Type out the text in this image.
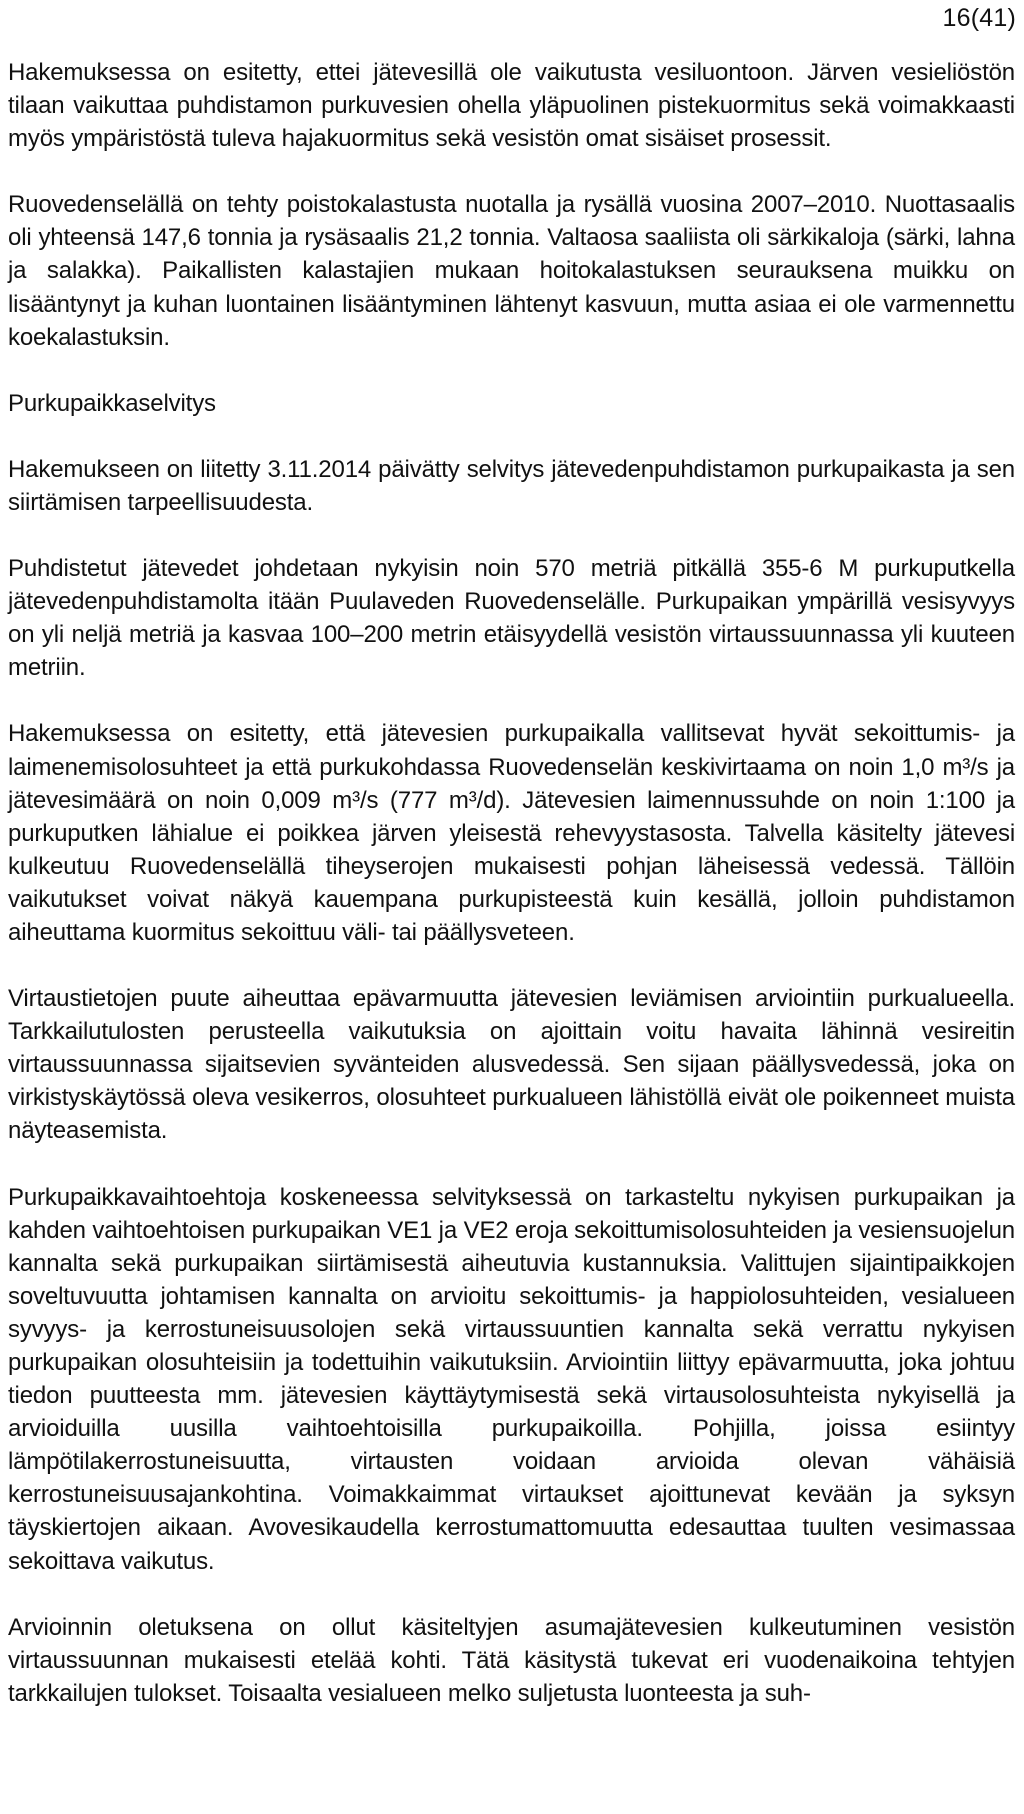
16(41)

Hakemuksessa on esitetty, ettei jätevesillä ole vaikutusta vesiluontoon. Järven vesieliöstön tilaan vaikuttaa puhdistamon purkuvesien ohella yläpuolinen pistekuormitus sekä voimakkaasti myös ympäristöstä tuleva hajakuormitus sekä vesistön omat sisäiset prosessit.

Ruovedenselällä on tehty poistokalastusta nuotalla ja rysällä vuosina 2007–2010. Nuottasaalis oli yhteensä 147,6 tonnia ja rysäsaalis 21,2 tonnia. Valtaosa saaliista oli särkikaloja (särki, lahna ja salakka). Paikallisten kalastajien mukaan hoitokalastuksen seurauksena muikku on lisääntynyt ja kuhan luontainen lisääntyminen lähtenyt kasvuun, mutta asiaa ei ole varmennettu koekalastuksin.

Purkupaikkaselvitys

Hakemukseen on liitetty 3.11.2014 päivätty selvitys jätevedenpuhdistamon purkupaikasta ja sen siirtämisen tarpeellisuudesta.

Puhdistetut jätevedet johdetaan nykyisin noin 570 metriä pitkällä 355-6 M purkuputkella jätevedenpuhdistamolta itään Puulaveden Ruovedenselälle. Purkupaikan ympärillä vesisyvyys on yli neljä metriä ja kasvaa 100–200 metrin etäisyydellä vesistön virtaussuunnassa yli kuuteen metriin.

Hakemuksessa on esitetty, että jätevesien purkupaikalla vallitsevat hyvät sekoittumis- ja laimenemisolosuhteet ja että purkukohdassa Ruovedenselän keskivirtaama on noin 1,0 m³/s ja jätevesimäärä on noin 0,009 m³/s (777 m³/d). Jätevesien laimennussuhde on noin 1:100 ja purkuputken lähialue ei poikkea järven yleisestä rehevyystasosta. Talvella käsitelty jätevesi kulkeutuu Ruovedenselällä tiheyserojen mukaisesti pohjan läheisessä vedessä. Tällöin vaikutukset voivat näkyä kauempana purkupisteestä kuin kesällä, jolloin puhdistamon aiheuttama kuormitus sekoittuu väli- tai päällysveteen.

Virtaustietojen puute aiheuttaa epävarmuutta jätevesien leviämisen arviointiin purkualueella. Tarkkailutulosten perusteella vaikutuksia on ajoittain voitu havaita lähinnä vesireitin virtaussuunnassa sijaitsevien syvänteiden alusvedessä. Sen sijaan päällysvedessä, joka on virkistyskäytössä oleva vesikerros, olosuhteet purkualueen lähistöllä eivät ole poikenneet muista näyteasemista.

Purkupaikkavaihtoehtoja koskeneessa selvityksessä on tarkasteltu nykyisen purkupaikan ja kahden vaihtoehtoisen purkupaikan VE1 ja VE2 eroja sekoittumisolosuhteiden ja vesiensuojelun kannalta sekä purkupaikan siirtämisestä aiheutuvia kustannuksia. Valittujen sijaintipaikkojen soveltuvuutta johtamisen kannalta on arvioitu sekoittumis- ja happiolosuhteiden, vesialueen syvyys- ja kerrostuneisuusolojen sekä virtaussuuntien kannalta sekä verrattu nykyisen purkupaikan olosuhteisiin ja todettuihin vaikutuksiin. Arviointiin liittyy epävarmuutta, joka johtuu tiedon puutteesta mm. jätevesien käyttäytymisestä sekä virtausolosuhteista nykyisellä ja arvioiduilla uusilla vaihtoehtoisilla purkupaikoilla. Pohjilla, joissa esiintyy lämpötilakerrostuneisuutta, virtausten voidaan arvioida olevan vähäisiä kerrostuneisuusajankohtina. Voimakkaimmat virtaukset ajoittunevat kevään ja syksyn täyskiertojen aikaan. Avovesikaudella kerrostumattomuutta edesauttaa tuulten vesimassaa sekoittava vaikutus.

Arvioinnin oletuksena on ollut käsiteltyjen asumajätevesien kulkeutuminen vesistön virtaussuunnan mukaisesti etelää kohti. Tätä käsitystä tukevat eri vuodenaikoina tehtyjen tarkkailujen tulokset. Toisaalta vesialueen melko suljetusta luonteesta ja suh-
